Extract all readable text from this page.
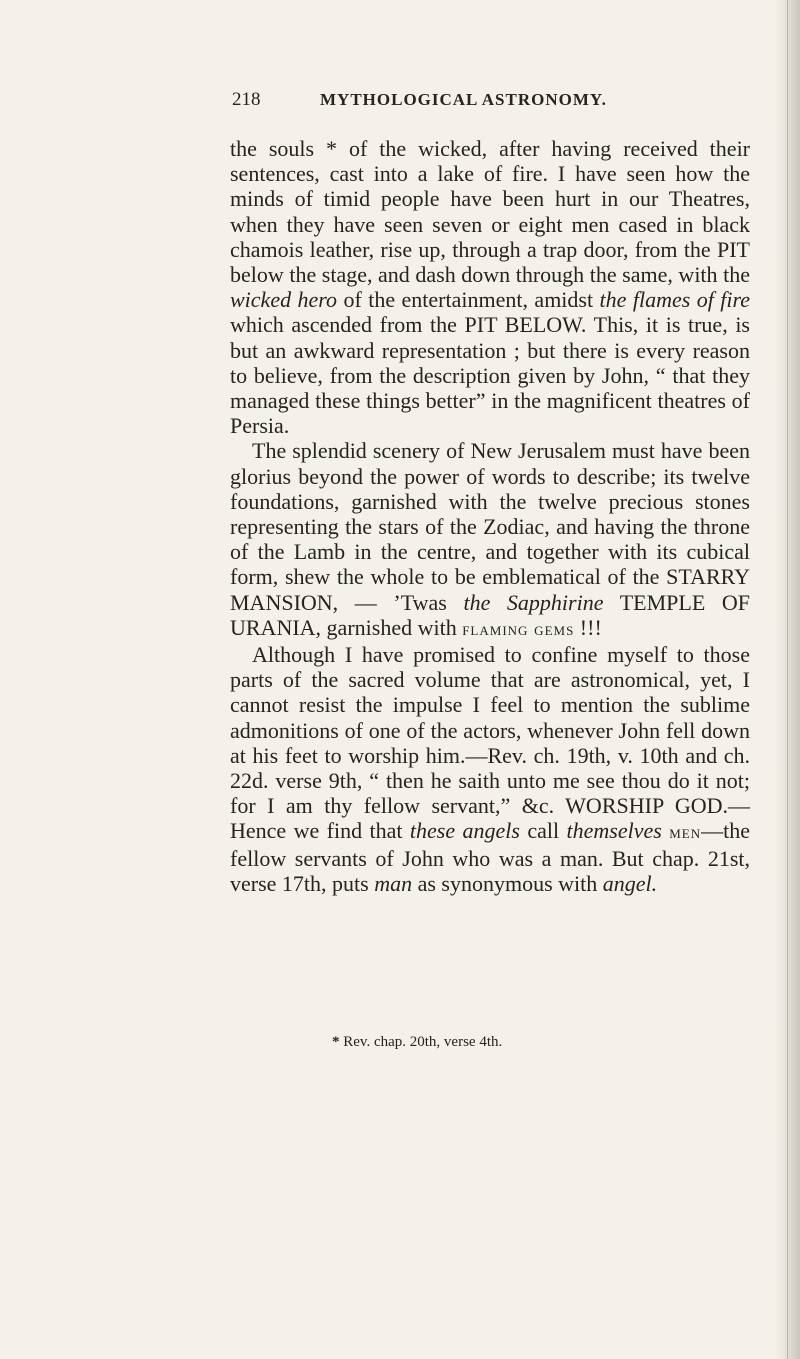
218	MYTHOLOGICAL ASTRONOMY.

the souls * of the wicked, after having received their sentences, cast into a lake of fire. I have seen how the minds of timid people have been hurt in our Theatres, when they have seen seven or eight men cased in black chamois leather, rise up, through a trap door, from the PIT below the stage, and dash down through the same, with the wicked hero of the entertainment, amidst the flames of fire which ascended from the PIT BELOW. This, it is true, is but an awkward representation ; but there is every reason to believe, from the description given by John, “ that they managed these things better” in the magnificent theatres of Persia.

The splendid scenery of New Jerusalem must have been glorius beyond the power of words to describe; its twelve foundations, garnished with the twelve precious stones representing the stars of the Zodiac, and having the throne of the Lamb in the centre, and together with its cubical form, shew the whole to be emblematical of the STARRY MANSION, — ’Twas the Sapphirine TEMPLE OF URANIA, garnished with flaming gems !!!

Although I have promised to confine myself to those parts of the sacred volume that are astronomical, yet, I cannot resist the impulse I feel to mention the sublime admonitions of one of the actors, whenever John fell down at his feet to worship him.—Rev. ch. 19th, v. 10th and ch. 22d. verse 9th, “ then he saith unto me see thou do it not; for I am thy fellow servant,” &c. WORSHIP GOD.—Hence we find that these angels call themselves men—the fellow servants of John who was a man. But chap. 21st, verse 17th, puts man as synonymous with angel.

* Rev. chap. 20th, verse 4th.
